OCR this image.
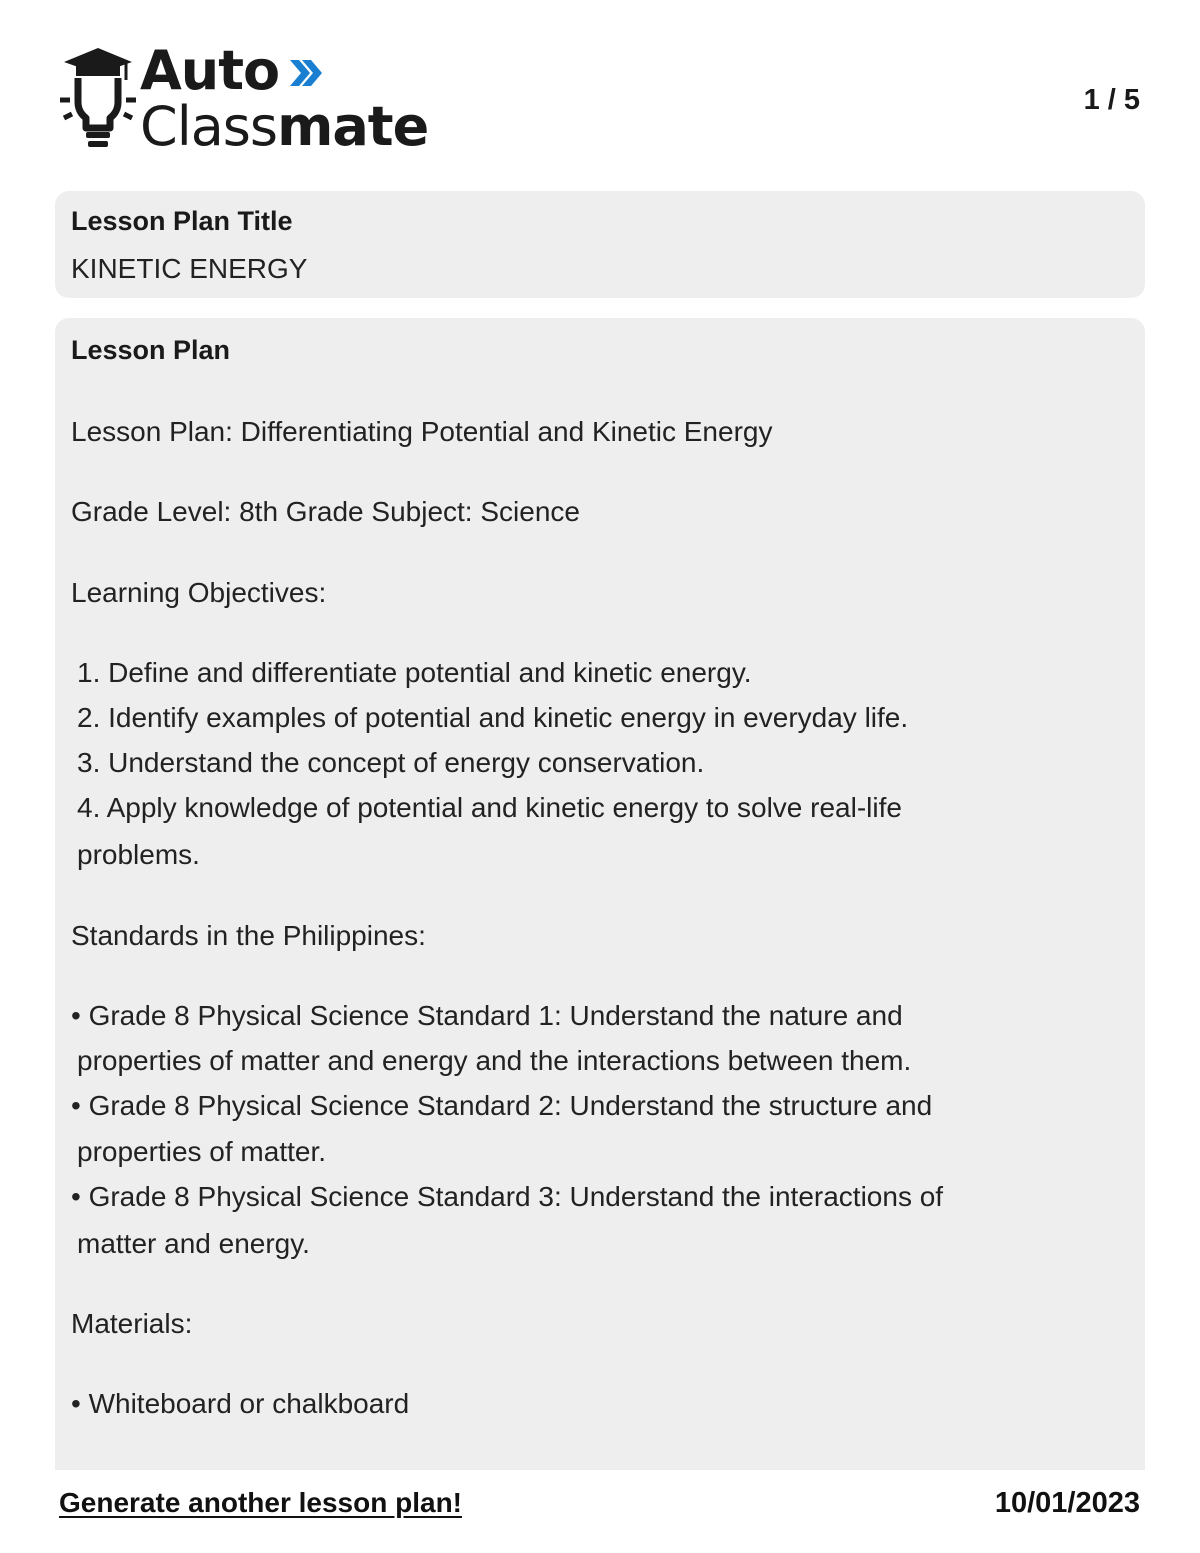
Auto
Classmate	1 / 5
Lesson Plan Title
KINETIC ENERGY
Lesson Plan
Lesson Plan: Differentiating Potential and Kinetic Energy
Grade Level: 8th Grade Subject: Science
Learning Objectives:
1. Define and differentiate potential and kinetic energy.
2. Identify examples of potential and kinetic energy in everyday life.
3. Understand the concept of energy conservation.
4. Apply knowledge of potential and kinetic energy to solve real-life
problems.
Standards in the Philippines:
• Grade 8 Physical Science Standard 1: Understand the nature and
properties of matter and energy and the interactions between them.
• Grade 8 Physical Science Standard 2: Understand the structure and
properties of matter.
• Grade 8 Physical Science Standard 3: Understand the interactions of
matter and energy.
Materials:
• Whiteboard or chalkboard
Generate another lesson plan!	10/01/2023
